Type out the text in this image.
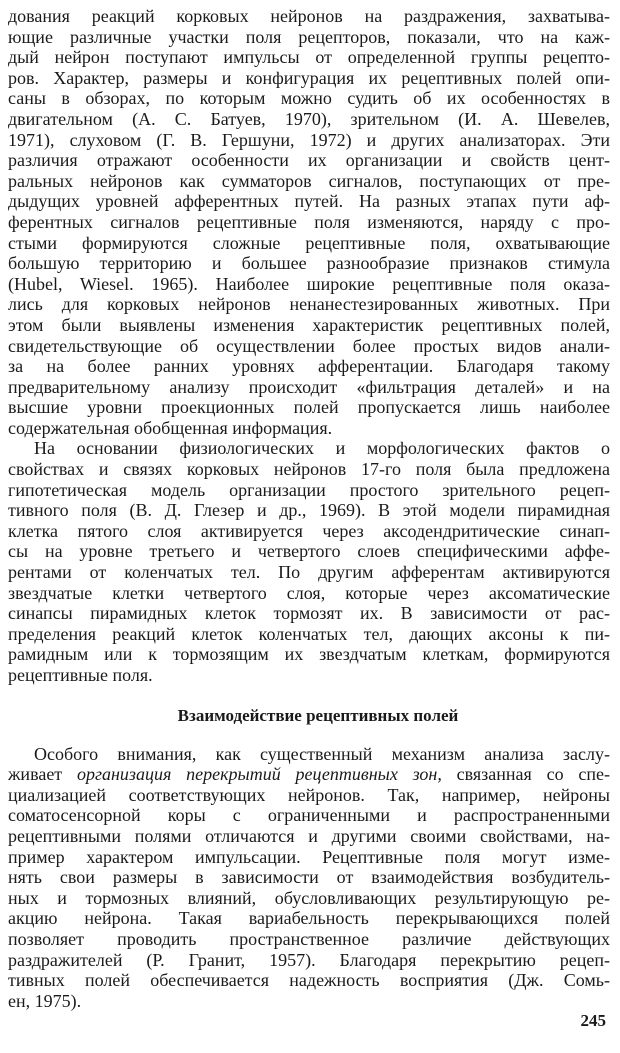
дования реакций корковых нейронов на раздражения, захватыва-
ющие различные участки поля рецепторов, показали, что на каж-
дый нейрон поступают импульсы от определенной группы рецепто-
ров. Характер, размеры и конфигурация их рецептивных полей опи-
саны в обзорах, по которым можно судить об их особенностях в
двигательном (А. С. Батуев, 1970), зрительном (И. А. Шевелев,
1971), слуховом (Г. В. Гершуни, 1972) и других анализаторах. Эти
различия отражают особенности их организации и свойств цент-
ральных нейронов как сумматоров сигналов, поступающих от пре-
дыдущих уровней афферентных путей. На разных этапах пути аф-
ферентных сигналов рецептивные поля изменяются, наряду с про-
стыми формируются сложные рецептивные поля, охватывающие
большую территорию и большее разнообразие признаков стимула
(Hubel, Wiesel. 1965). Наиболее широкие рецептивные поля оказа-
лись для корковых нейронов ненанестезированных животных. При
этом были выявлены изменения характеристик рецептивных полей,
свидетельствующие об осуществлении более простых видов анали-
за на более ранних уровнях афферентации. Благодаря такому
предварительному анализу происходит «фильтрация деталей» и на
высшие уровни проекционных полей пропускается лишь наиболее
содержательная обобщенная информация.
На основании физиологических и морфологических фактов о
свойствах и связях корковых нейронов 17-го поля была предложена
гипотетическая модель организации простого зрительного рецеп-
тивного поля (В. Д. Глезер и др., 1969). В этой модели пирамидная
клетка пятого слоя активируется через аксодендритические синап-
сы на уровне третьего и четвертого слоев специфическими аффе-
рентами от коленчатых тел. По другим афферентам активируются
звездчатые клетки четвертого слоя, которые через аксоматические
синапсы пирамидных клеток тормозят их. В зависимости от рас-
пределения реакций клеток коленчатых тел, дающих аксоны к пи-
рамидным или к тормозящим их звездчатым клеткам, формируются
рецептивные поля.
Взаимодействие рецептивных полей
Особого внимания, как существенный механизм анализа заслу-
живает организация перекрытий рецептивных зон, связанная со спе-
циализацией соответствующих нейронов. Так, например, нейроны
соматосенсорной коры с ограниченными и распространенными
рецептивными полями отличаются и другими своими свойствами, на-
пример характером импульсации. Рецептивные поля могут изме-
нять свои размеры в зависимости от взаимодействия возбудитель-
ных и тормозных влияний, обусловливающих результирующую ре-
акцию нейрона. Такая вариабельность перекрывающихся полей
позволяет проводить пространственное различие действующих
раздражителей (Р. Гранит, 1957). Благодаря перекрытию рецеп-
тивных полей обеспечивается надежность восприятия (Дж. Сомь-
ен, 1975).
245
